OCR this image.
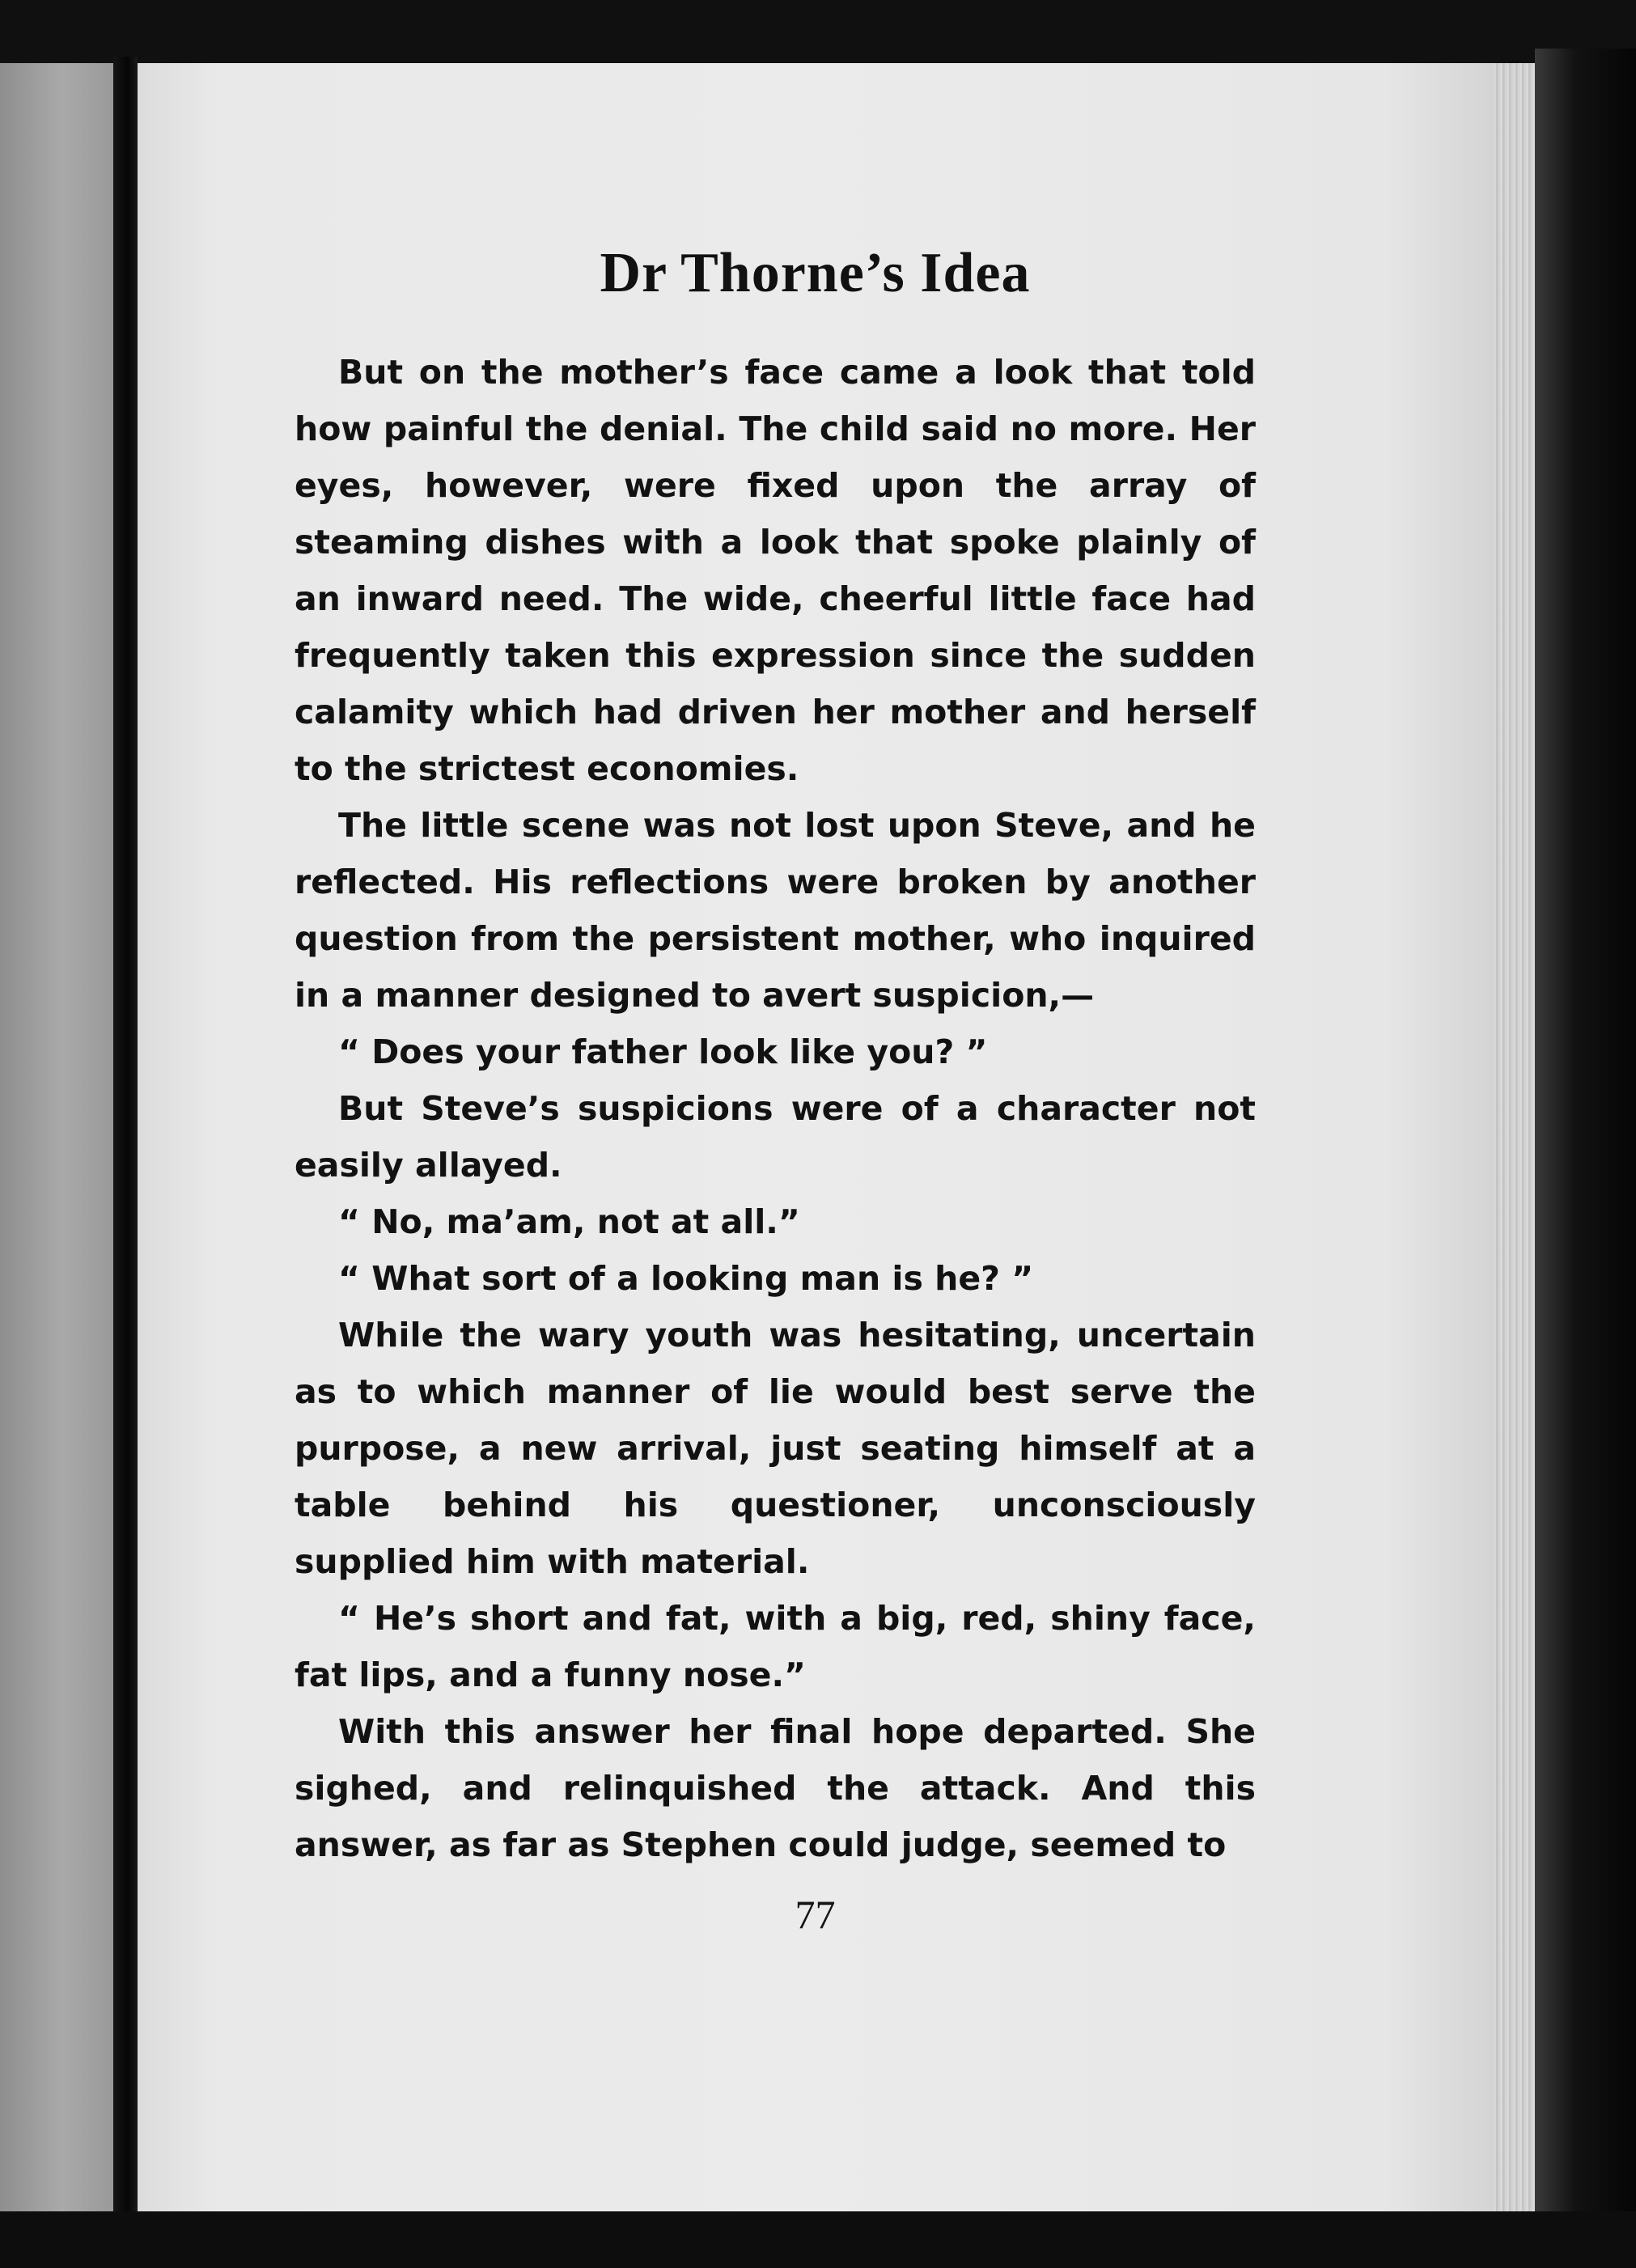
Dr Thorne’s Idea

But on the mother’s face came a look that told how painful the denial. The child said no more. Her eyes, however, were fixed upon the array of steaming dishes with a look that spoke plainly of an inward need. The wide, cheerful little face had frequently taken this expression since the sudden calamity which had driven her mother and herself to the strictest economies.

The little scene was not lost upon Steve, and he reflected. His reflections were broken by another question from the persistent mother, who inquired in a manner designed to avert suspicion,—

“ Does your father look like you? ”

But Steve’s suspicions were of a character not easily allayed.

“ No, ma’am, not at all.”

“ What sort of a looking man is he? ”

While the wary youth was hesitating, uncertain as to which manner of lie would best serve the purpose, a new arrival, just seating himself at a table behind his questioner, unconsciously supplied him with material.

“ He’s short and fat, with a big, red, shiny face, fat lips, and a funny nose.”

With this answer her final hope departed. She sighed, and relinquished the attack. And this answer, as far as Stephen could judge, seemed to

77
